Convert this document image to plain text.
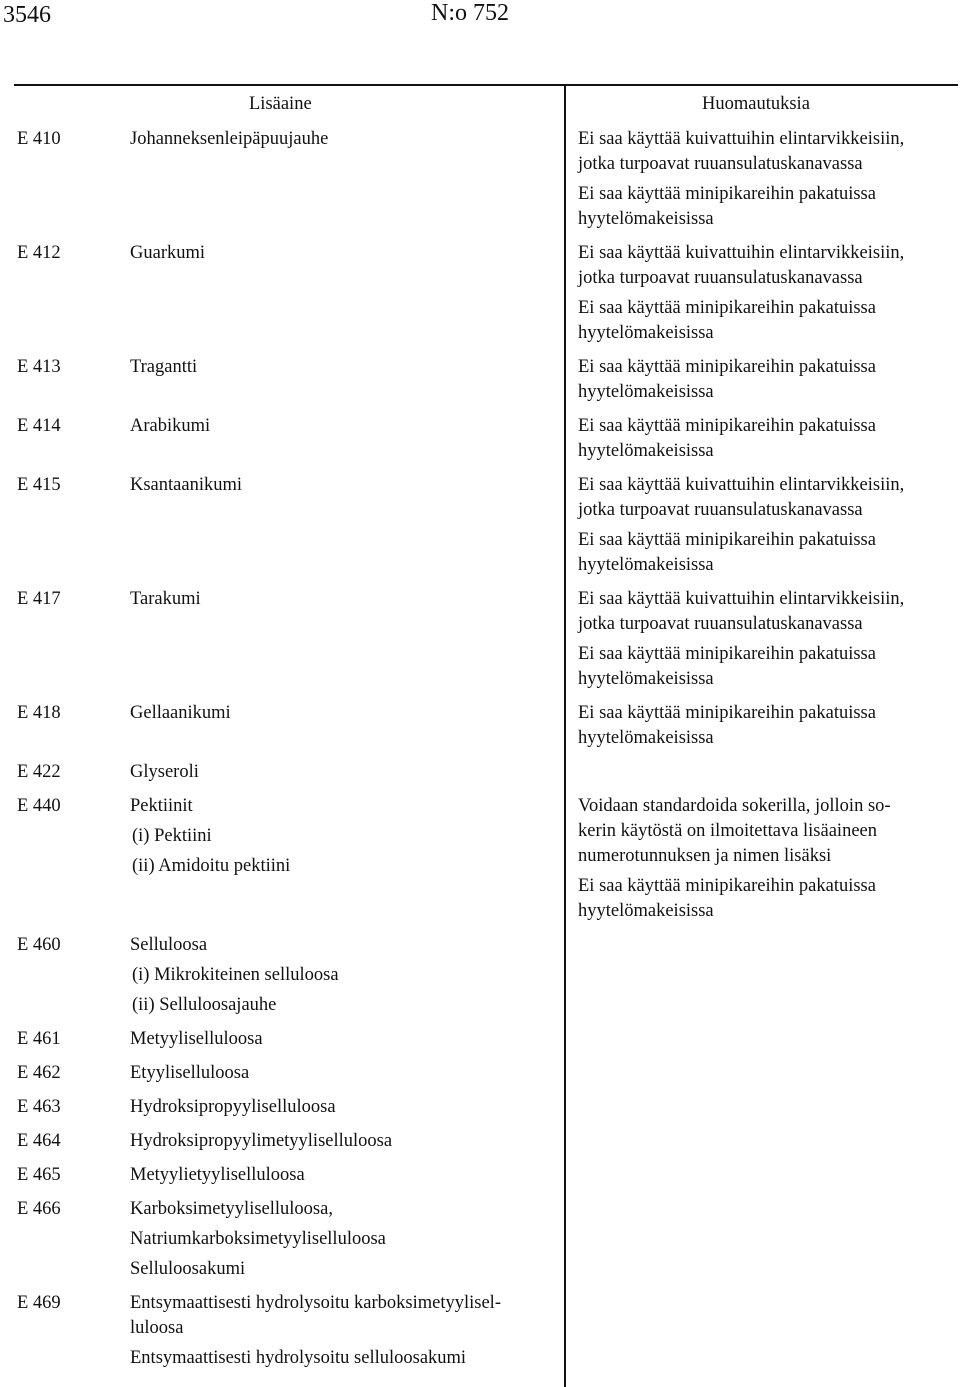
3546	N:o 752
Lisäaine	Huomautuksia
E 410	Johanneksenleipäpuujauhe	Ei saa käyttää kuivattuihin elintarvikkeisiin,
jotka turpoavat ruuansulatuskanavassa
Ei saa käyttää minipikareihin pakatuissa
hyytelömakeisissa
E 412	Guarkumi	Ei saa käyttää kuivattuihin elintarvikkeisiin,
jotka turpoavat ruuansulatuskanavassa
Ei saa käyttää minipikareihin pakatuissa
hyytelömakeisissa
E 413	Tragantti	Ei saa käyttää minipikareihin pakatuissa
hyytelömakeisissa
E 414	Arabikumi	Ei saa käyttää minipikareihin pakatuissa
hyytelömakeisissa
E 415	Ksantaanikumi	Ei saa käyttää kuivattuihin elintarvikkeisiin,
jotka turpoavat ruuansulatuskanavassa
Ei saa käyttää minipikareihin pakatuissa
hyytelömakeisissa
E 417	Tarakumi	Ei saa käyttää kuivattuihin elintarvikkeisiin,
jotka turpoavat ruuansulatuskanavassa
Ei saa käyttää minipikareihin pakatuissa
hyytelömakeisissa
E 418	Gellaanikumi	Ei saa käyttää minipikareihin pakatuissa
hyytelömakeisissa
E 422	Glyseroli
E 440	Pektiinit
(i) Pektiini
(ii) Amidoitu pektiini
Voidaan standardoida sokerilla, jolloin so-
kerin käytöstä on ilmoitettava lisäaineen
numerotunnuksen ja nimen lisäksi
Ei saa käyttää minipikareihin pakatuissa
hyytelömakeisissa
E 460	Selluloosa
(i) Mikrokiteinen selluloosa
(ii) Selluloosajauhe
E 461	Metyyliselluloosa
E 462	Etyyliselluloosa
E 463	Hydroksipropyyliselluloosa
E 464	Hydroksipropyylimetyyliselluloosa
E 465	Metyylietyyliselluloosa
E 466	Karboksimetyyliselluloosa,
Natriumkarboksimetyyliselluloosa
Selluloosakumi
E 469	Entsymaattisesti hydrolysoitu karboksimetyylisel-
luloosa
Entsymaattisesti hydrolysoitu selluloosakumi
